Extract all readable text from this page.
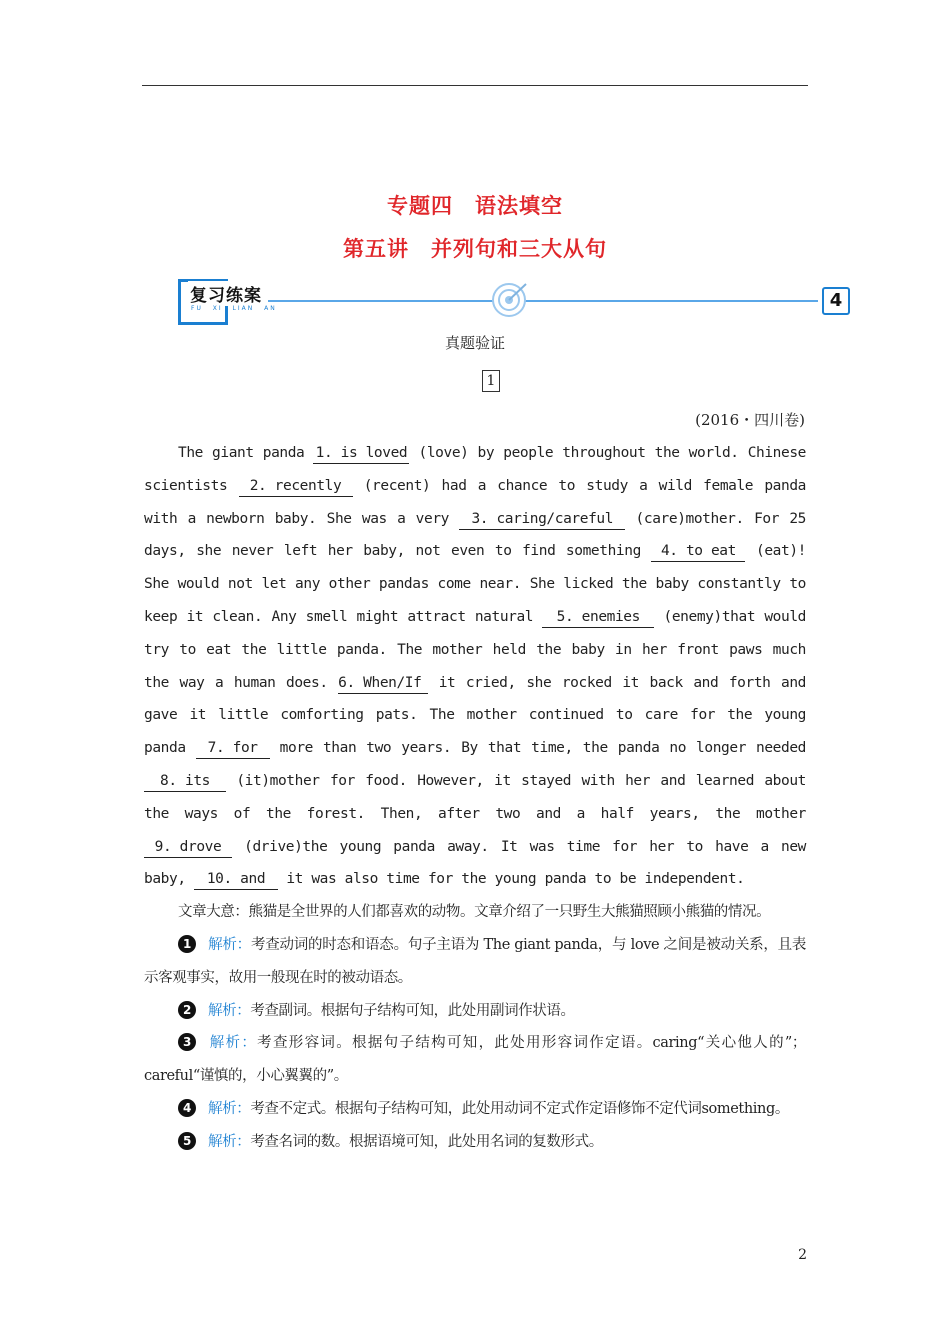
专题四　语法填空
第五讲　并列句和三大从句
复习练案
FU XI LIAN AN	4
真题验证
1
(2016・四川卷)

The giant panda 1. is loved (love) by people throughout the world. Chinese scientists 2. recently (recent) had a chance to study a wild female panda with a newborn baby. She was a very 3. caring/careful (care)mother. For 25 days, she never left her baby, not even to find something 4. to eat (eat)! She would not let any other pandas come near. She licked the baby constantly to keep it clean. Any smell might attract natural 5. enemies (enemy)that would try to eat the little panda. The mother held the baby in her front paws much the way a human does. 6. When/If it cried, she rocked it back and forth and gave it little comforting pats. The mother continued to care for the young panda 7. for more than two years. By that time, the panda no longer needed 8. its (it)mother for food. However, it stayed with her and learned about the ways of the forest. Then, after two and a half years, the mother 9. drove (drive)the young panda away. It was time for her to have a new baby, 10. and it was also time for the young panda to be independent.

文章大意：熊猫是全世界的人们都喜欢的动物。文章介绍了一只野生大熊猫照顾小熊猫的情况。

1 解析：考查动词的时态和语态。句子主语为 The giant panda，与 love 之间是被动关系，且表示客观事实，故用一般现在时的被动语态。

2 解析：考查副词。根据句子结构可知，此处用副词作状语。

3 解析：考查形容词。根据句子结构可知，此处用形容词作定语。caring“关心他人的”；careful“谨慎的，小心翼翼的”。

4 解析：考查不定式。根据句子结构可知，此处用动词不定式作定语修饰不定代词something。

5 解析：考查名词的数。根据语境可知，此处用名词的复数形式。

2
